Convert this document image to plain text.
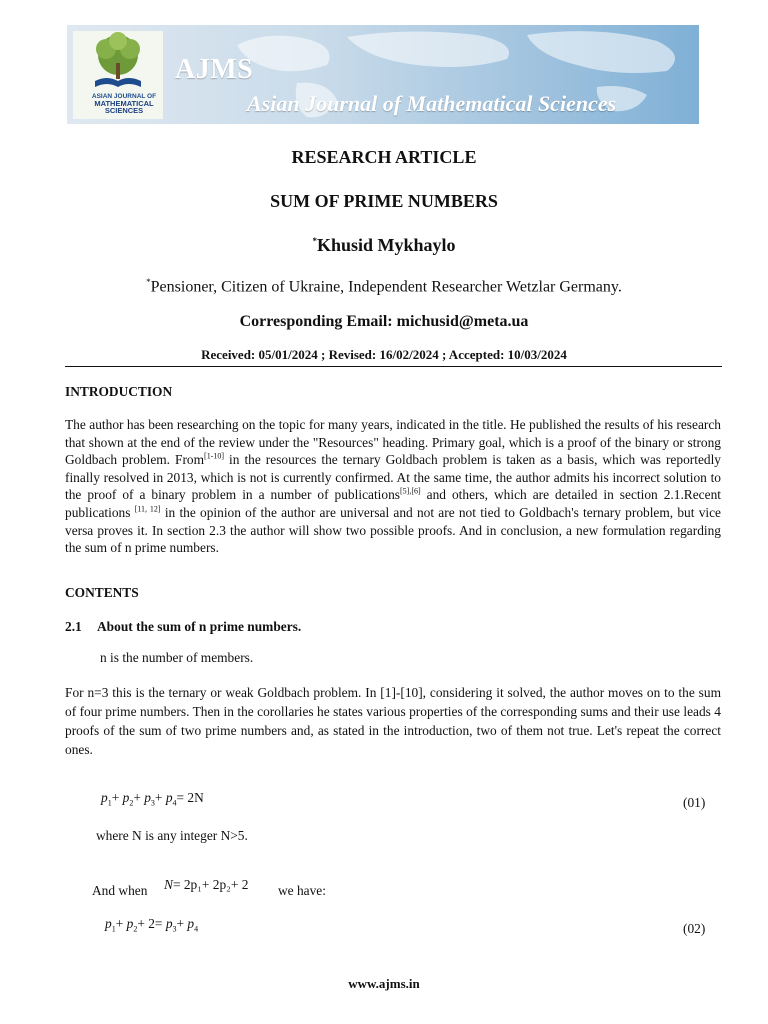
ASIAN JOURNAL OF
MATHEMATICAL
SCIENCES
AJMS
Asian Journal of Mathematical Sciences
RESEARCH ARTICLE
SUM OF PRIME NUMBERS
*Khusid Mykhaylo
*Pensioner, Citizen of Ukraine, Independent Researcher Wetzlar Germany.
Corresponding Email: michusid@meta.ua
Received: 05/01/2024 ; Revised: 16/02/2024 ; Accepted: 10/03/2024
INTRODUCTION
The author has been researching on the topic for many years, indicated in the title. He published the results of his research that shown at the end of the review under the "Resources" heading. Primary goal, which is a proof of the binary or strong Goldbach problem. From[1-10] in the resources the ternary Goldbach problem is taken as a basis, which was reportedly finally resolved in 2013, which is not is currently confirmed. At the same time, the author admits his incorrect solution to the proof of a binary problem in a number of publications[5],[6] and others, which are detailed in section 2.1.Recent publications [11, 12] in the opinion of the author are universal and not are not tied to Goldbach's ternary problem, but vice versa proves it. In section 2.3 the author will show two possible proofs. And in conclusion, a new formulation regarding the sum of n prime numbers.
CONTENTS
2.1 About the sum of n prime numbers.
n is the number of members.
For n=3 this is the ternary or weak Goldbach problem. In [1]-[10], considering it solved, the author moves on to the sum of four prime numbers. Then in the corollaries he states various properties of the corresponding sums and their use leads 4 proofs of the sum of two prime numbers and, as stated in the introduction, two of them not true. Let's repeat the correct ones.
$p_1+ p_2+ p_3+ p_4= 2N$	(01)
where N is any integer N>5.
And when N= 2p₁+ 2p₂+ 2 we have:
$p_1+ p_2+ 2= p_3+ p_4$	(02)
www.ajms.in
